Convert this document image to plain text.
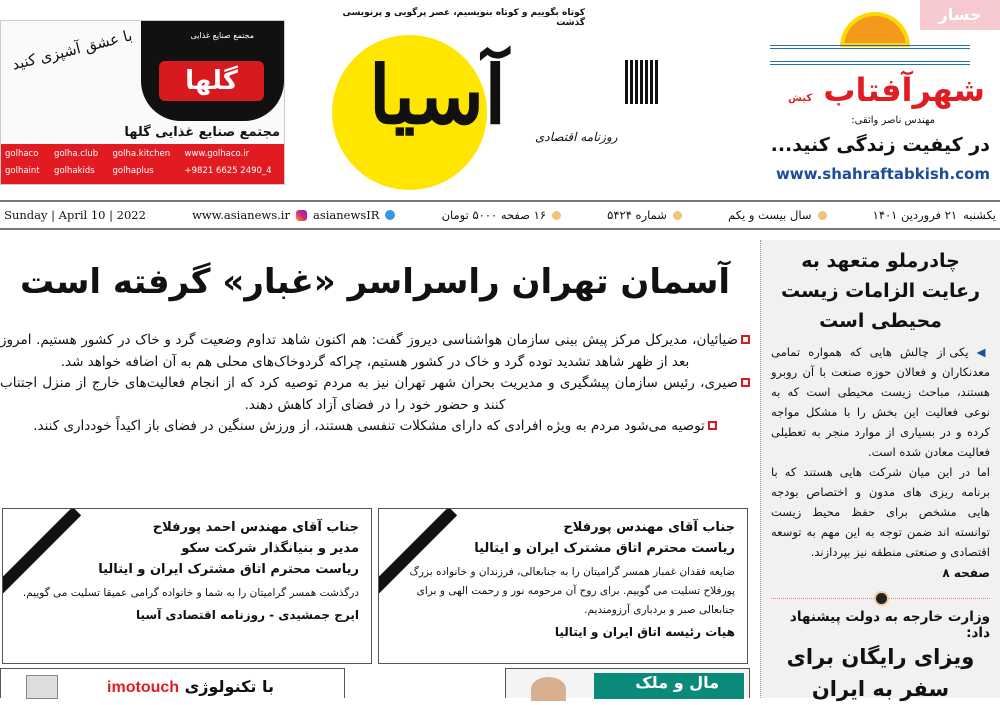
با عشق آشپزی کنید	مجتمع صنایع غذایی
گلها
مجتمع صنایع غذایی گلها
golhaco	golha.club	golha.kitchen	www.golhaco.ir
golhaint	golhakids	golhaplus	+9821 6625 2490_4
آسیا
کوتاه بگوییم و کوتاه بنویسیم، عصر پرگویی و پرنویسی گذشت
روزنامه اقتصادی
جسار
شهرآفتاب کیش
مهندس ناصر واثقی:
در کیفیت زندگی کنید...
www.shahraftabkish.com
یکشنبه
۲۱ فروردین ۱۴۰۱
سال بیست و یکم
شماره ۵۴۲۴
۱۶ صفحه ۵۰۰۰ تومان
www.asianews.ir asianewsIR
Sunday | April 10 | 2022
آسمان تهران راسراسر «غبار» گرفته است

ضیائیان، مدیرکل مرکز پیش بینی سازمان هواشناسی دیروز گفت: هم اکنون شاهد تداوم وضعیت گرد و خاک در کشور هستیم. امروز بعد از ظهر شاهد تشدید توده گرد و خاک در کشور هستیم، چراکه گردوخاک‌های محلی هم به آن اضافه خواهد شد.

صیری، رئیس سازمان پیشگیری و مدیریت بحران شهر تهران نیز به مردم توصیه کرد که از انجام فعالیت‌های خارج از منزل اجتناب کنند و حضور خود را در فضای آزاد کاهش دهند.

توصیه می‌شود مردم به ویژه افرادی که دارای مشکلات تنفسی هستند، از ورزش سنگین در فضای باز اکیداً خودداری کنند.

جناب آقای مهندس پورفلاح
ریاست محترم اتاق مشترک ایران و ایتالیا

ضایعه فقدان غمبار همسر گرامیتان را به جنابعالی، فرزندان و خانواده بزرگ پورفلاح تسلیت می گوییم. برای روح آن مرحومه نور و رحمت الهی و برای جنابعالی صبر و بردباری آرزومندیم.

هیات رئیسه اتاق ایران و ایتالیا
جناب آقای مهندس احمد پورفلاح
مدیر و بنیانگذار شرکت سکو
ریاست محترم اتاق مشترک ایران و ایتالیا

درگذشت همسر گرامیتان را به شما و خانواده گرامی عمیقا تسلیت می گوییم.

ایرج جمشیدی - روزنامه اقتصادی آسیا
با تکنولوژی imotouch	مال و ملک
چادرملو متعهد به رعایت الزامات زیست محیطی است

◀ یکی از چالش هایی که همواره تمامی معدنکاران و فعالان حوزه صنعت با آن روبرو هستند، مباحث زیست محیطی است که به نوعی فعالیت این بخش را با مشکل مواجه کرده و در بسیاری از موارد منجر به تعطیلی فعالیت معادن شده است.

اما در این میان شرکت هایی هستند که با برنامه ریزی های مدون و اختصاص بودجه هایی مشخص برای حفظ محیط زیست توانسته اند ضمن توجه به این مهم به توسعه اقتصادی و صنعتی منطقه نیز بپردازند.

صفحه ۸
وزارت خارجه به دولت پیشنهاد داد:
ویزای رایگان برای سفر به ایران
